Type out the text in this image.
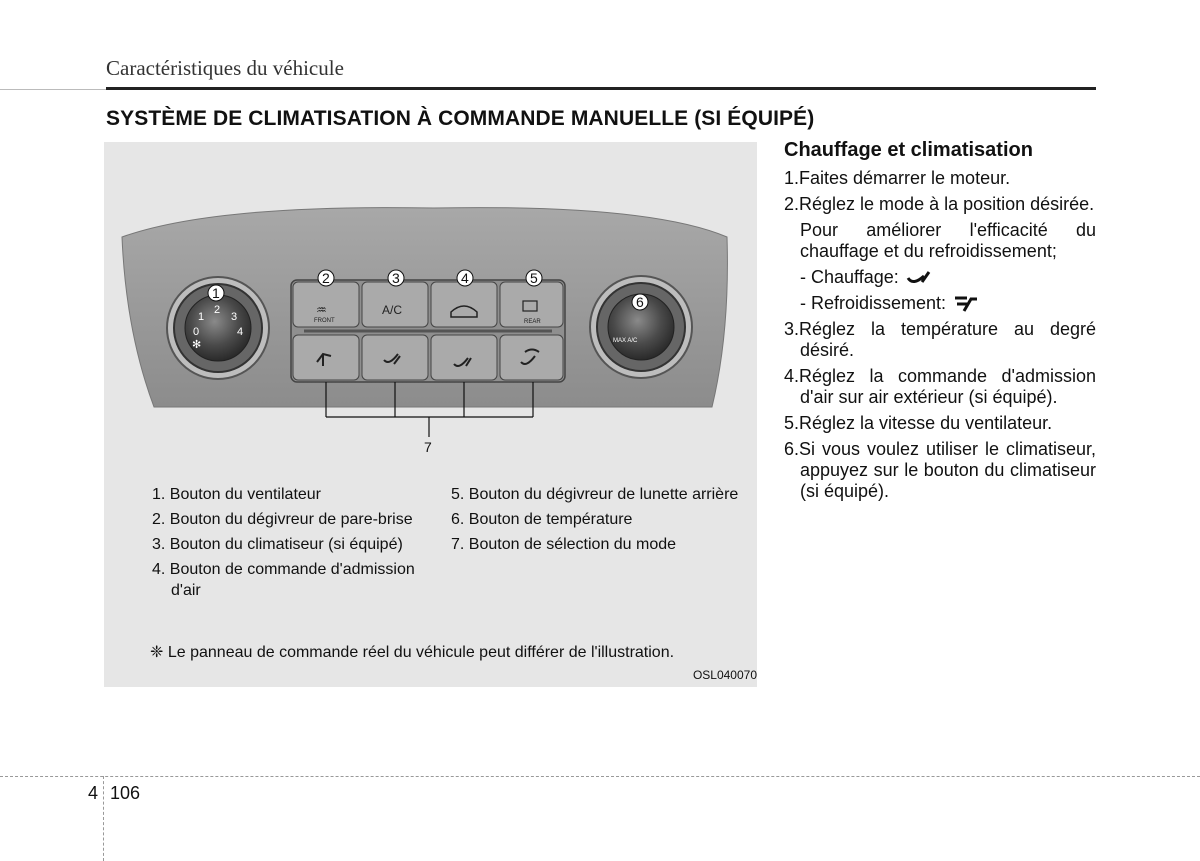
Caractéristiques du véhicule
SYSTÈME DE CLIMATISATION À COMMANDE MANUELLE (SI ÉQUIPÉ)
0
1
2
3
4
✻	MAX A/C
♒
FRONT
A/C
REAR
1
2	3	4	5
6
7
1. Bouton du ventilateur
2. Bouton du dégivreur de pare-brise
3. Bouton du climatiseur (si équipé)
4. Bouton de commande d'admission d'air
5. Bouton du dégivreur de lunette arrière
6. Bouton de température
7. Bouton de sélection du mode
❈ Le panneau de commande réel du véhicule peut différer de l'illustration.
OSL040070
Chauffage et climatisation
1.Faites démarrer le moteur.
2.Réglez le mode à la position désirée.
Pour améliorer l'efficacité du chauffage et du refroidissement;
- Chauffage:
- Refroidissement:
3.Réglez la température au degré désiré.
4.Réglez la commande d'admission d'air sur air extérieur (si équipé).
5.Réglez la vitesse du ventilateur.
6.Si vous voulez utiliser le climatiseur, appuyez sur le bouton du climatiseur (si équipé).
4 106
